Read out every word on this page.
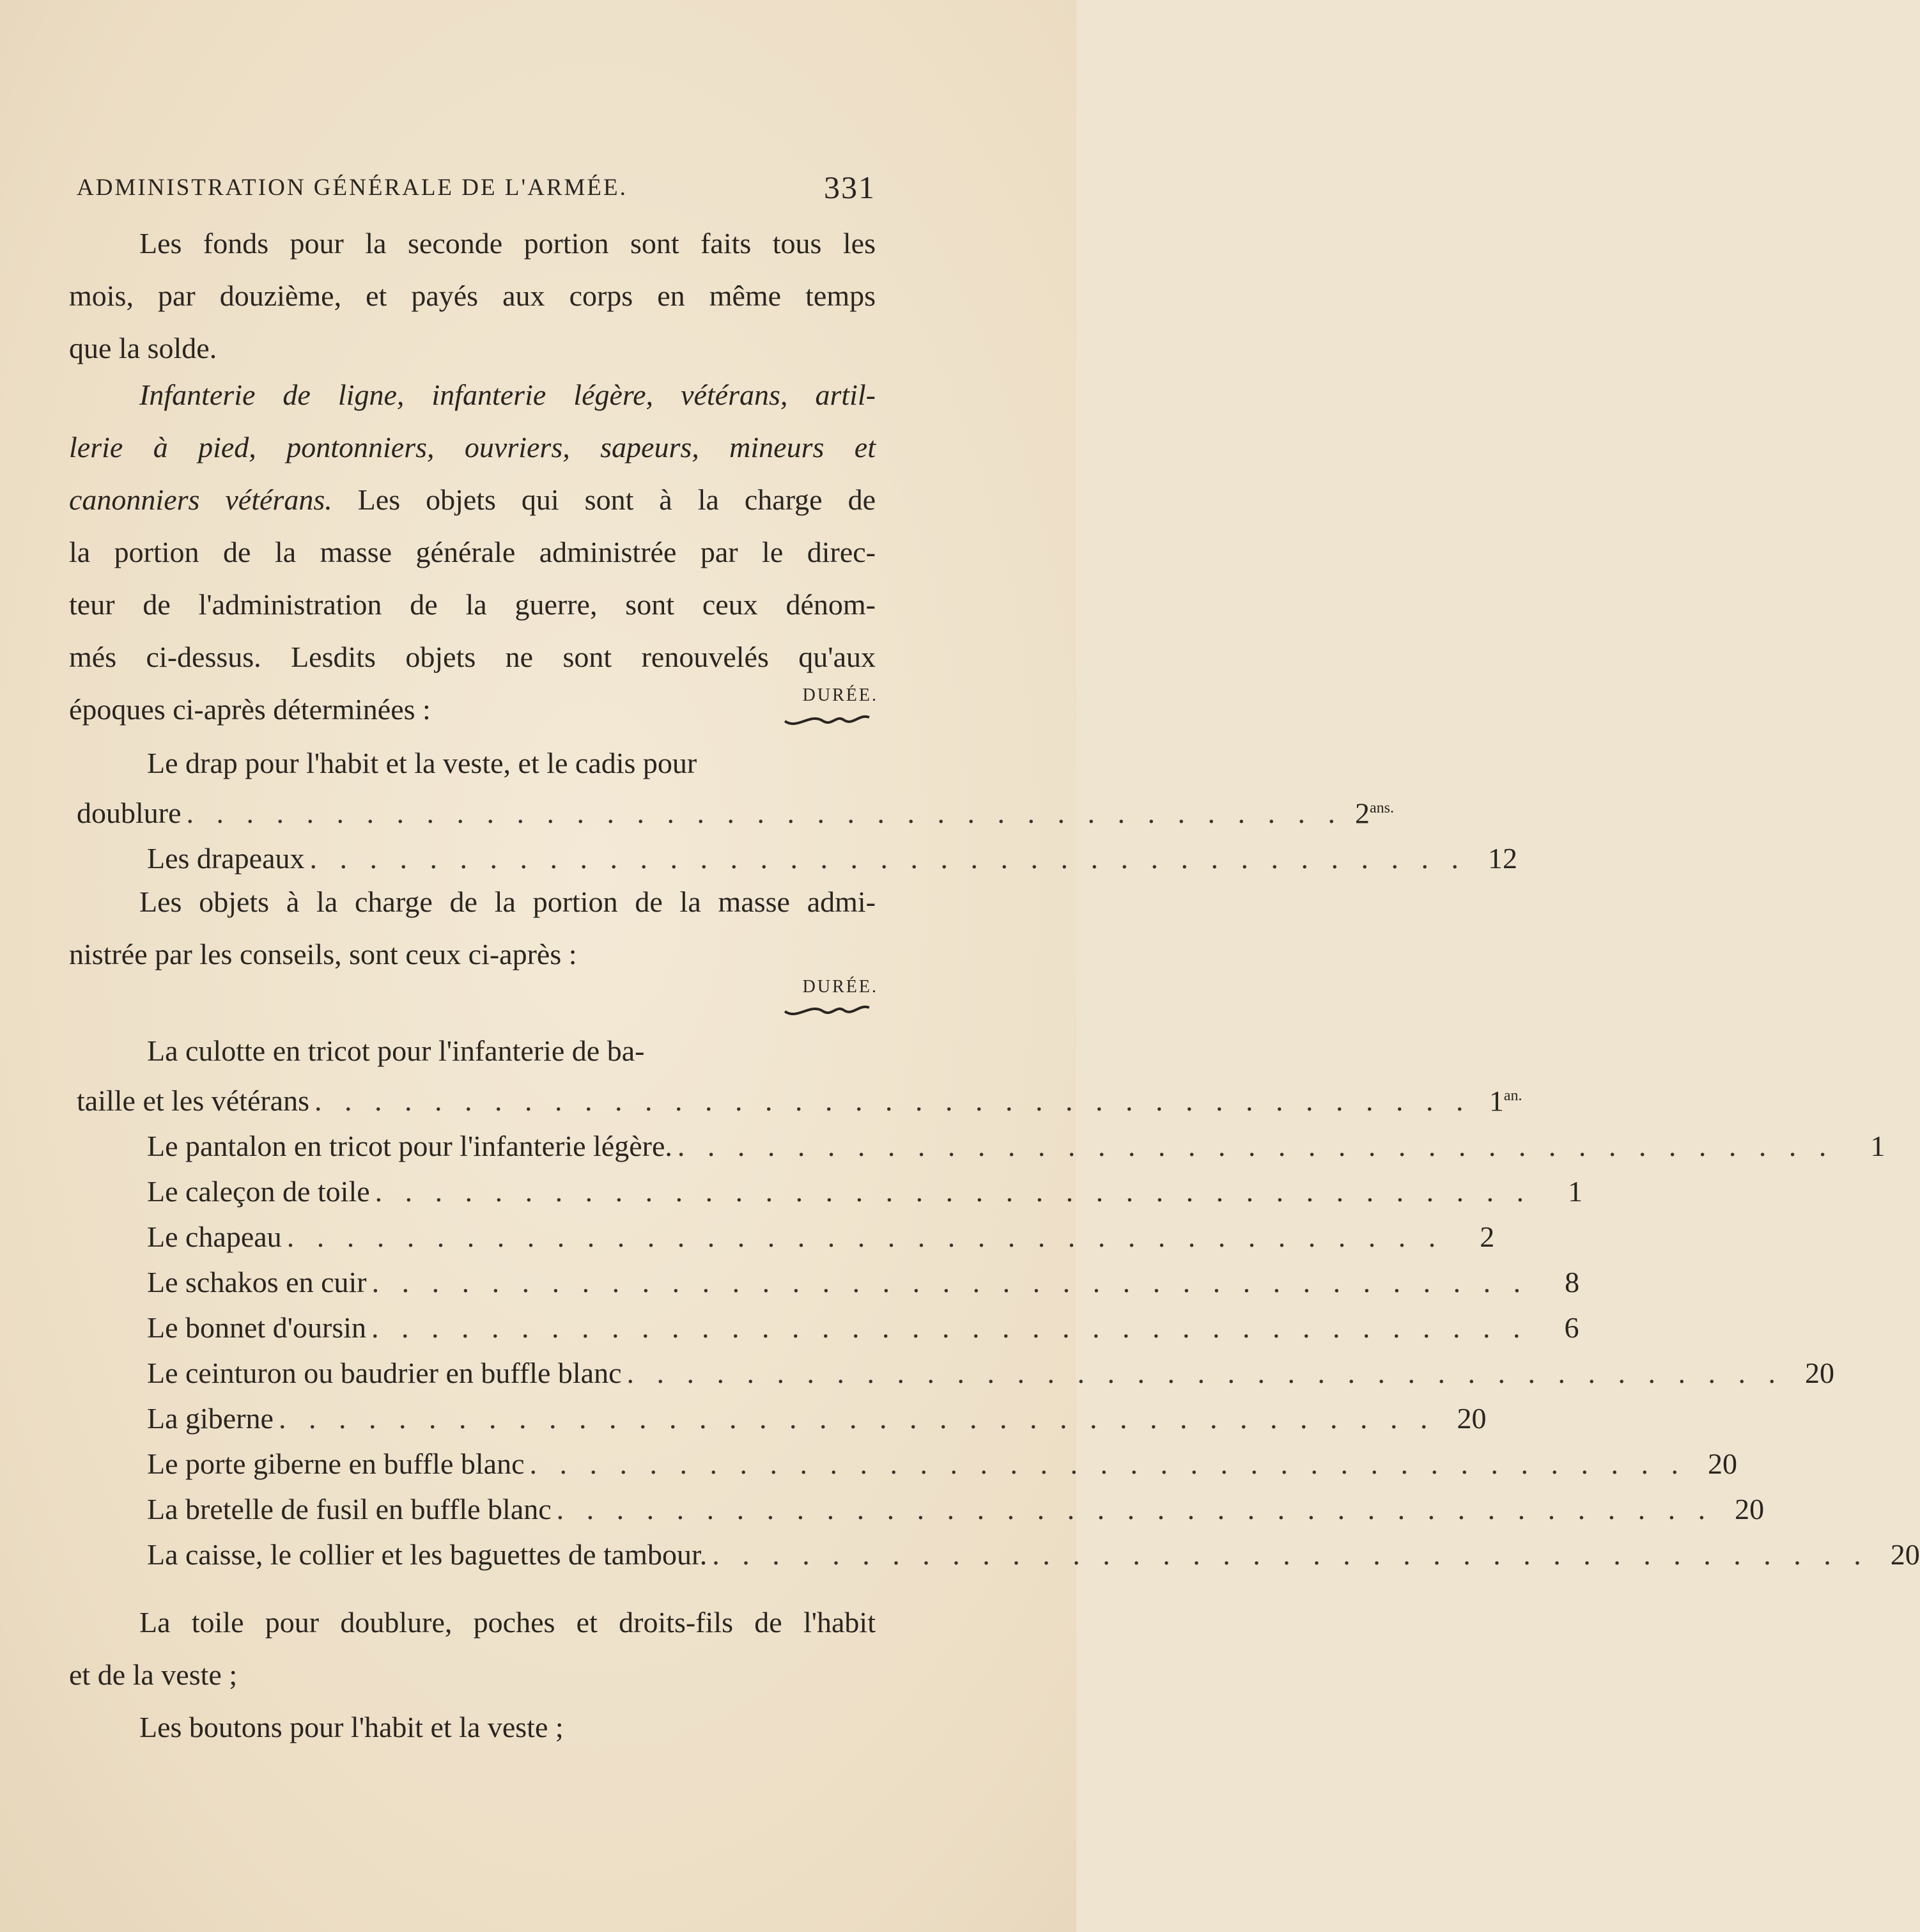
ADMINISTRATION GÉNÉRALE DE L'ARMÉE.	331
Les fonds pour la seconde portion sont faits tous les
mois, par douzième, et payés aux corps en même temps
que la solde.
Infanterie de ligne, infanterie légère, vétérans, artil-
lerie à pied, pontonniers, ouvriers, sapeurs, mineurs et
canonniers vétérans. Les objets qui sont à la charge de
la portion de la masse générale administrée par le direc-
teur de l'administration de la guerre, sont ceux dénom-
més ci-dessus. Lesdits objets ne sont renouvelés qu'aux
époques ci-après déterminées :	DURÉE.
Le drap pour l'habit et la veste, et le cadis pour
doublure . . . . . . . . . . . . . . . . . . . . . . . . . . . . . . . . . . . . . . . $2^{ans.}$
Les drapeaux . . . . . . . . . . . . . . . . . . . . . . . . . . . . . . . . . . . . . . . 12
Les objets à la charge de la portion de la masse admi-
nistrée par les conseils, sont ceux ci-après :
DURÉE.
La culotte en tricot pour l'infanterie de ba-
taille et les vétérans . . . . . . . . . . . . . . . . . . . . . . . . . . . . . . . . . . . . . . . $1^{an.}$
Le pantalon en tricot pour l'infanterie légère. . . . . . . . . . . . . . . . . . . . . . . . . . . . . . . . . . . . . . . .	1
Le caleçon de toile . . . . . . . . . . . . . . . . . . . . . . . . . . . . . . . . . . . . . . .	1
Le chapeau . . . . . . . . . . . . . . . . . . . . . . . . . . . . . . . . . . . . . . .	2
Le schakos en cuir . . . . . . . . . . . . . . . . . . . . . . . . . . . . . . . . . . . . . . .	8
Le bonnet d'oursin . . . . . . . . . . . . . . . . . . . . . . . . . . . . . . . . . . . . . . .	6
Le ceinturon ou baudrier en buffle blanc . . . . . . . . . . . . . . . . . . . . . . . . . . . . . . . . . . . . . . . 20
La giberne . . . . . . . . . . . . . . . . . . . . . . . . . . . . . . . . . . . . . . . 20
Le porte giberne en buffle blanc . . . . . . . . . . . . . . . . . . . . . . . . . . . . . . . . . . . . . . . 20
La bretelle de fusil en buffle blanc . . . . . . . . . . . . . . . . . . . . . . . . . . . . . . . . . . . . . . . 20
La caisse, le collier et les baguettes de tambour. . . . . . . . . . . . . . . . . . . . . . . . . . . . . . . . . . . . . . . . 20
La toile pour doublure, poches et droits-fils de l'habit
et de la veste ;
Les boutons pour l'habit et la veste ;
